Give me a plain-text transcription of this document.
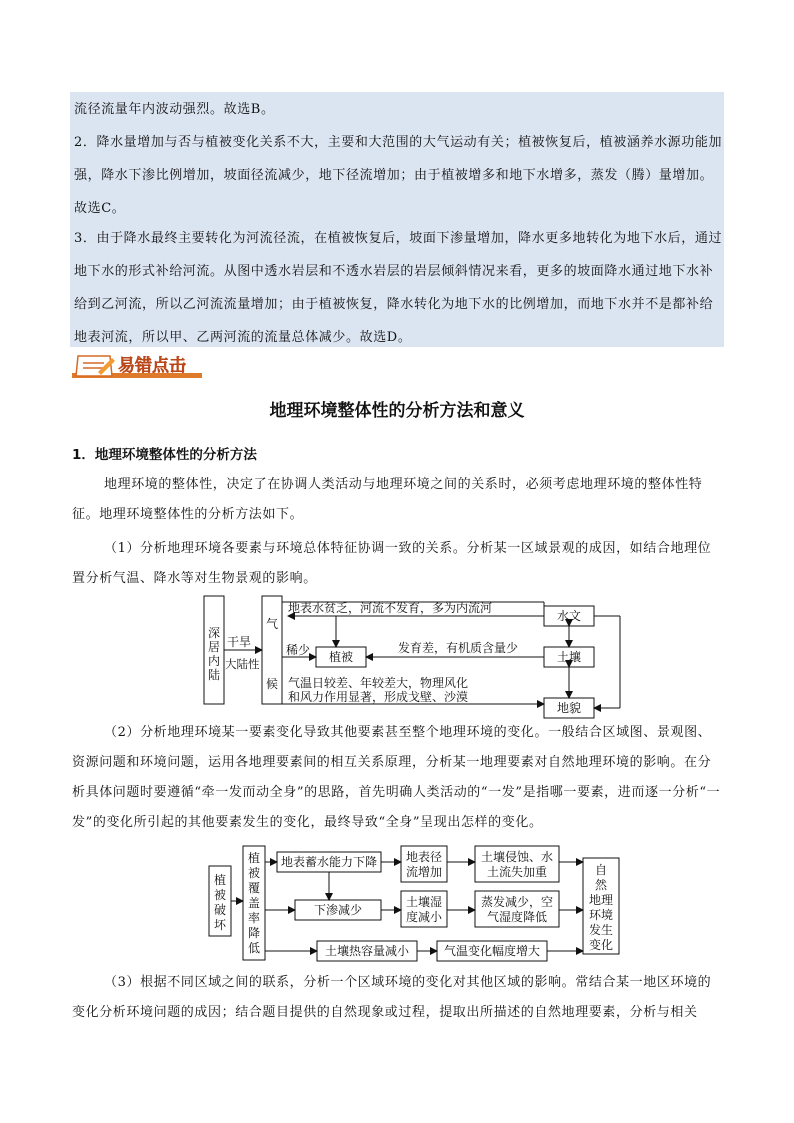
流径流量年内波动强烈。故选B。
2．降水量增加与否与植被变化关系不大，主要和大范围的大气运动有关；植被恢复后，植被涵养水源功能加强，降水下渗比例增加，坡面径流减少，地下径流增加；由于植被增多和地下水增多，蒸发（腾）量增加。故选C。
3．由于降水最终主要转化为河流径流，在植被恢复后，坡面下渗量增加，降水更多地转化为地下水后，通过地下水的形式补给河流。从图中透水岩层和不透水岩层的岩层倾斜情况来看，更多的坡面降水通过地下水补给到乙河流，所以乙河流流量增加；由于植被恢复，降水转化为地下水的比例增加，而地下水并不是都补给地表河流，所以甲、乙两河流的流量总体减少。故选D。
易错点击
地理环境整体性的分析方法和意义
1．地理环境整体性的分析方法
地理环境的整体性，决定了在协调人类活动与地理环境之间的关系时，必须考虑地理环境的整体性特征。地理环境整体性的分析方法如下。
（1）分析地理环境各要素与环境总体特征协调一致的关系。分析某一区域景观的成因，如结合地理位置分析气温、降水等对生物景观的影响。
深
居
内
陆
干旱
大陆性
气
候
地表水贫乏，河流不发育，多为内流河
水文
稀少 植被
发育差，有机质含量少
土壤
气温日较差、年较差大，物理风化
和风力作用显著，形成戈壁、沙漠
地貌
（2）分析地理环境某一要素变化导致其他要素甚至整个地理环境的变化。一般结合区域图、景观图、资源问题和环境问题，运用各地理要素间的相互关系原理，分析某一地理要素对自然地理环境的影响。在分析具体问题时要遵循“牵一发而动全身”的思路，首先明确人类活动的“一发”是指哪一要素，进而逐一分析“一发”的变化所引起的其他要素发生的变化，最终导致“全身”呈现出怎样的变化。
植
被
破
坏
植
被
覆
盖
率
降
低
地表蓄水能力下降 地表径
流增加
土壤侵蚀、水
土流失加重
下渗减少
土壤湿
度减小
蒸发减少，空
气湿度降低
土壤热容量减小	气温变化幅度增大
自
然
地理
环境
发生
变化
（3）根据不同区域之间的联系，分析一个区域环境的变化对其他区域的影响。常结合某一地区环境的变化分析环境问题的成因；结合题目提供的自然现象或过程，提取出所描述的自然地理要素，分析与相关
